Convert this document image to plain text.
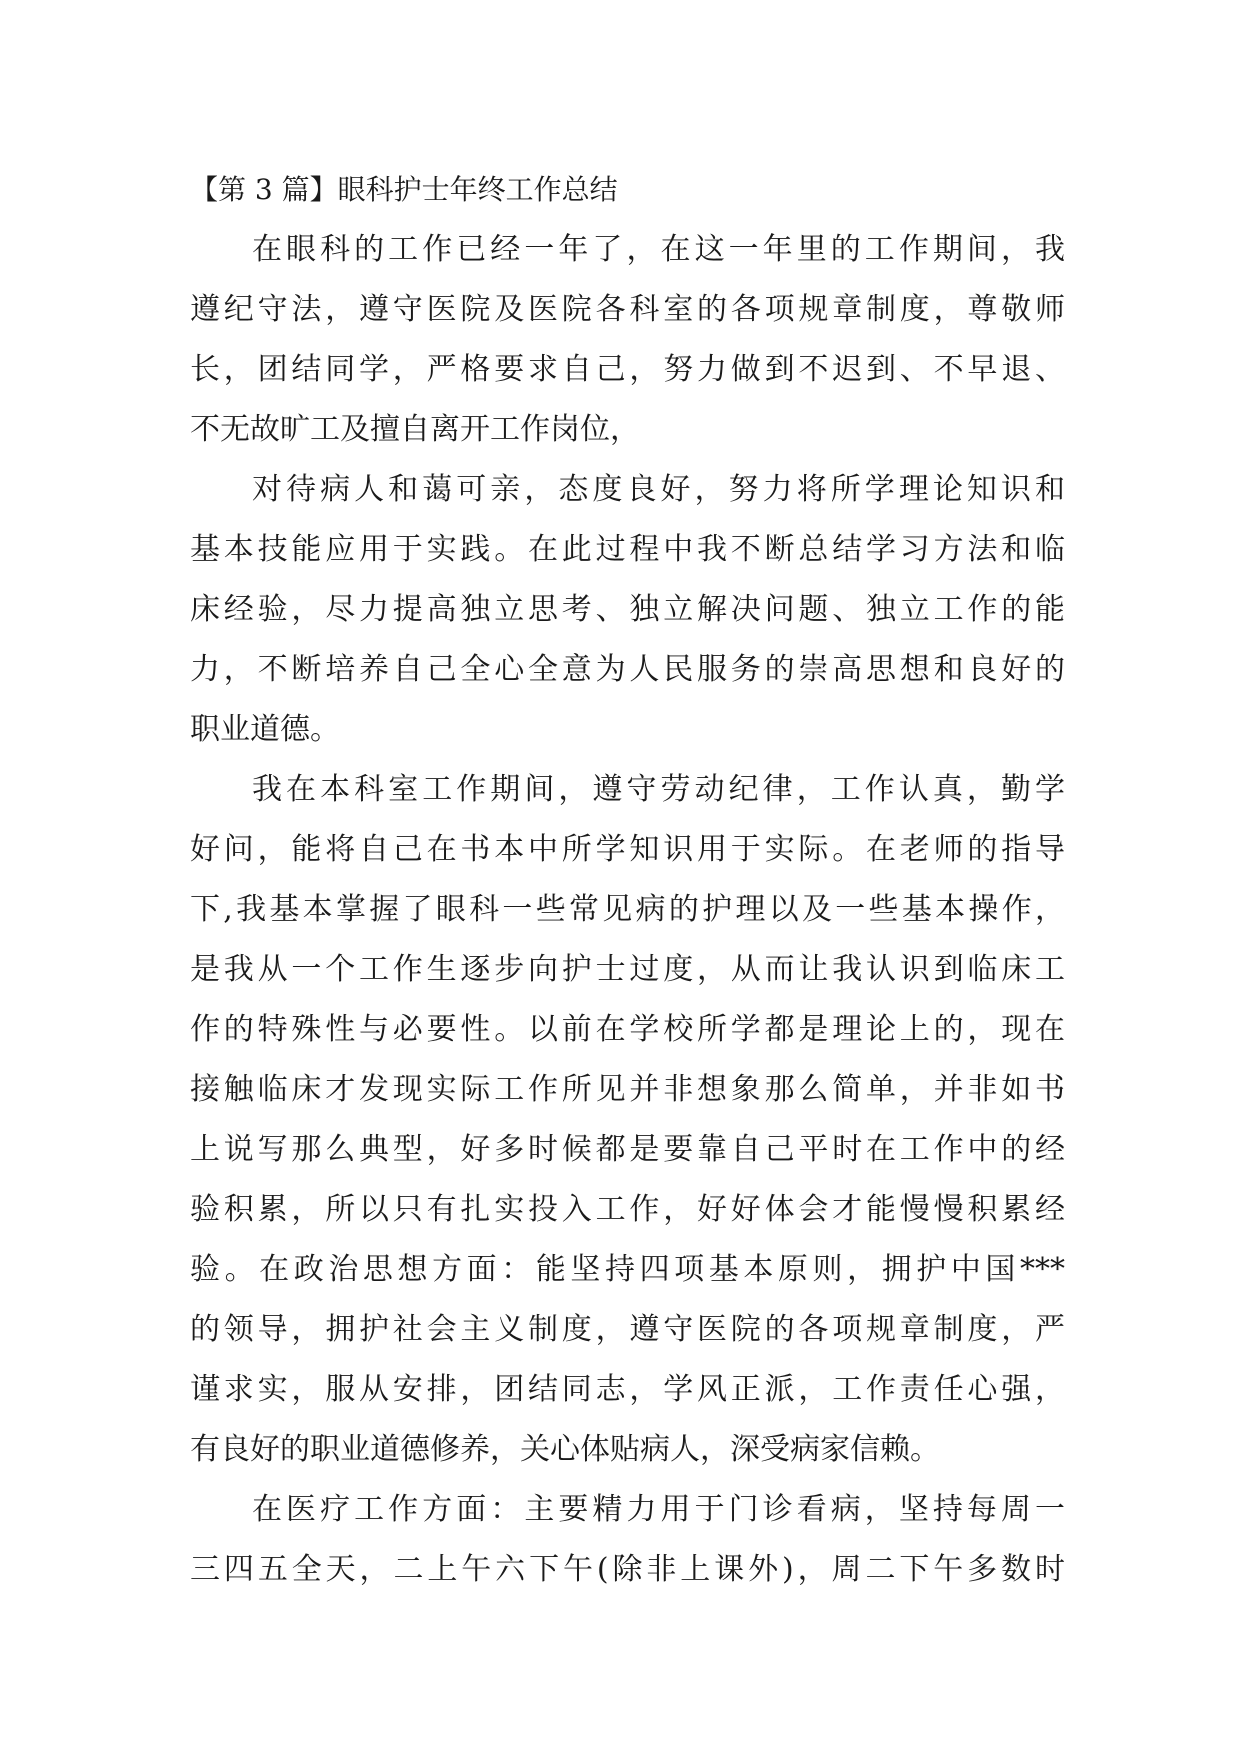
【第 3 篇】眼科护士年终工作总结
在眼科的工作已经一年了，在这一年里的工作期间，我
遵纪守法，遵守医院及医院各科室的各项规章制度，尊敬师
长，团结同学，严格要求自己，努力做到不迟到、不早退、
不无故旷工及擅自离开工作岗位，
对待病人和蔼可亲，态度良好，努力将所学理论知识和
基本技能应用于实践。在此过程中我不断总结学习方法和临
床经验，尽力提高独立思考、独立解决问题、独立工作的能
力，不断培养自己全心全意为人民服务的崇高思想和良好的
职业道德。
我在本科室工作期间，遵守劳动纪律，工作认真，勤学
好问，能将自己在书本中所学知识用于实际。在老师的指导
下,我基本掌握了眼科一些常见病的护理以及一些基本操作，
是我从一个工作生逐步向护士过度，从而让我认识到临床工
作的特殊性与必要性。以前在学校所学都是理论上的，现在
接触临床才发现实际工作所见并非想象那么简单，并非如书
上说写那么典型，好多时候都是要靠自己平时在工作中的经
验积累，所以只有扎实投入工作，好好体会才能慢慢积累经
验。在政治思想方面：能坚持四项基本原则，拥护中国***
的领导，拥护社会主义制度，遵守医院的各项规章制度，严
谨求实，服从安排，团结同志，学风正派，工作责任心强，
有良好的职业道德修养，关心体贴病人，深受病家信赖。
在医疗工作方面：主要精力用于门诊看病，坚持每周一
三四五全天，二上午六下午(除非上课外)，周二下午多数时
